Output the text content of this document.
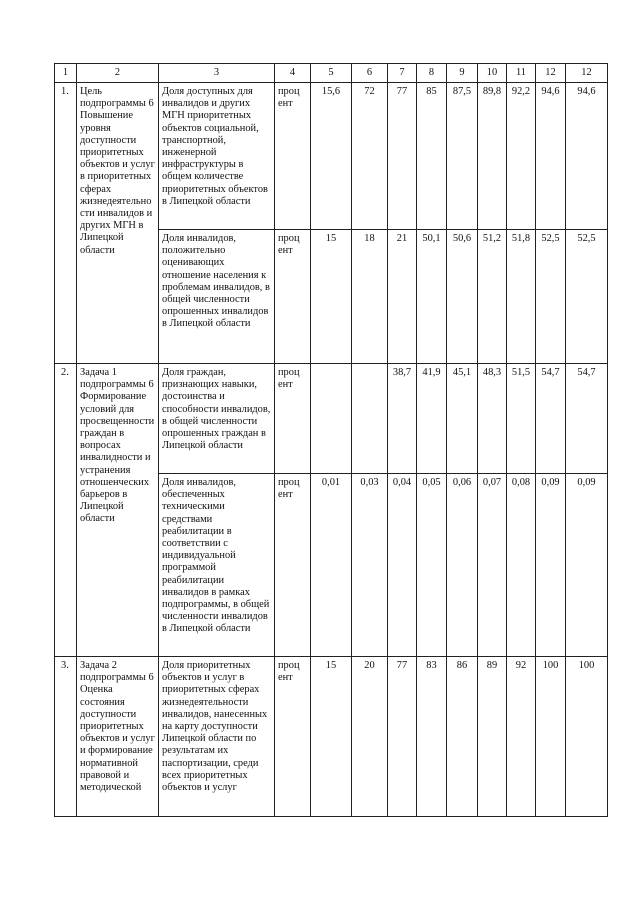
1	2	3	4	5	6	7	8	9	10	11	12	12
1.	Цель подпрограммы 6 Повышение уровня доступности приоритетных объектов и услуг в приоритетных сферах жизнедеятельно сти инвалидов и других МГН в Липецкой области	Доля доступных для инвалидов и других МГН приоритетных объектов социальной, транспортной, инженерной инфраструктуры в общем количестве приоритетных объектов в Липецкой области	проц ент	15,6	72	77	85	87,5	89,8	92,2	94,6	94,6
		Доля инвалидов, положительно оценивающих отношение населения к проблемам инвалидов, в общей численности опрошенных инвалидов в Липецкой области	проц ент	15	18	21	50,1	50,6	51,2	51,8	52,5	52,5
2.	Задача 1 подпрограммы 6 Формирование условий для просвещенности граждан в вопросах инвалидности и устранения отношенческих барьеров в Липецкой области	Доля граждан, признающих навыки, достоинства и способности инвалидов, в общей численности опрошенных граждан в Липецкой области	проц ент			38,7	41,9	45,1	48,3	51,5	54,7	54,7
		Доля инвалидов, обеспеченных техническими средствами реабилитации в соответствии с индивидуальной программой реабилитации инвалидов в рамках подпрограммы, в общей численности инвалидов в Липецкой области	проц ент	0,01	0,03	0,04	0,05	0,06	0,07	0,08	0,09	0,09
3.	Задача 2 подпрограммы 6 Оценка состояния доступности приоритетных объектов и услуг и формирование нормативной правовой и методической	Доля приоритетных объектов и услуг в приоритетных сферах жизнедеятельности инвалидов, нанесенных на карту доступности Липецкой области по результатам их паспортизации, среди всех приоритетных объектов и услуг	проц ент	15	20	77	83	86	89	92	100	100
